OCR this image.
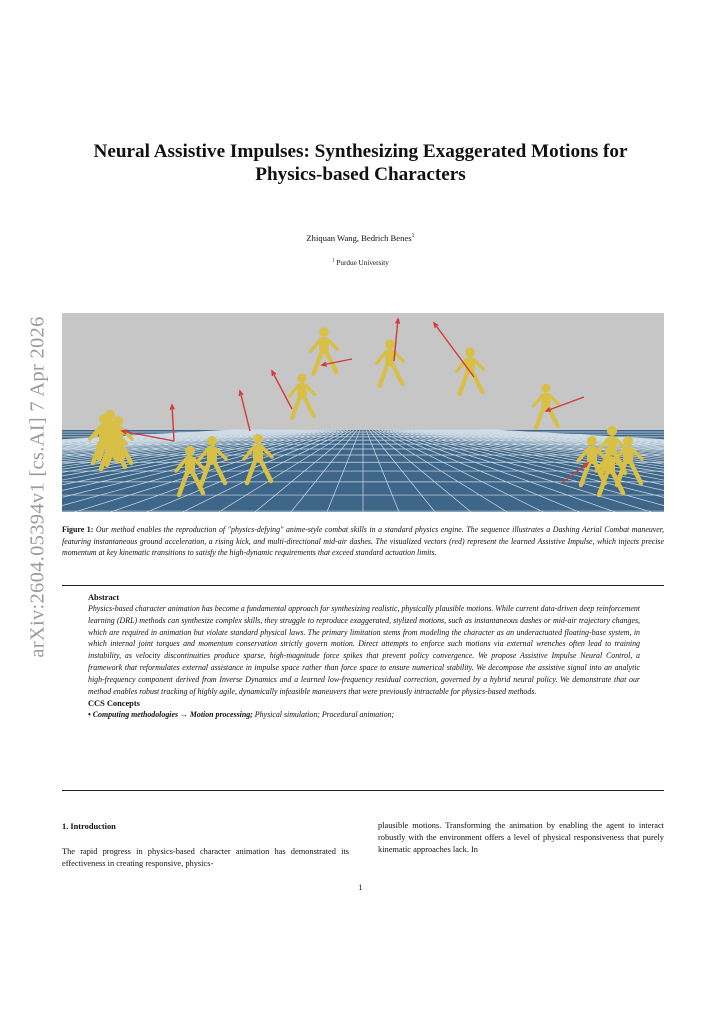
arXiv:2604.05394v1 [cs.AI] 7 Apr 2026
Neural Assistive Impulses: Synthesizing Exaggerated Motions for Physics-based Characters
Zhiquan Wang, Bedrich Benes$^1$
$^1$ Purdue University
Figure 1: Our method enables the reproduction of "physics-defying" anime-style combat skills in a standard physics engine. The sequence illustrates a Dashing Aerial Combat maneuver, featuring instantaneous ground acceleration, a rising kick, and multi-directional mid-air dashes. The visualized vectors (red) represent the learned Assistive Impulse, which injects precise momentum at key kinematic transitions to satisfy the high-dynamic requirements that exceed standard actuation limits.
Abstract
Physics-based character animation has become a fundamental approach for synthesizing realistic, physically plausible motions. While current data-driven deep reinforcement learning (DRL) methods can synthesize complex skills, they struggle to reproduce exaggerated, stylized motions, such as instantaneous dashes or mid-air trajectory changes, which are required in animation but violate standard physical laws. The primary limitation stems from modeling the character as an underactuated floating-base system, in which internal joint torques and momentum conservation strictly govern motion. Direct attempts to enforce such motions via external wrenches often lead to training instability, as velocity discontinuities produce sparse, high-magnitude force spikes that prevent policy convergence. We propose Assistive Impulse Neural Control, a framework that reformulates external assistance in impulse space rather than force space to ensure numerical stability. We decompose the assistive signal into an analytic high-frequency component derived from Inverse Dynamics and a learned low-frequency residual correction, governed by a hybrid neural policy. We demonstrate that our method enables robust tracking of highly agile, dynamically infeasible maneuvers that were previously intractable for physics-based methods.
CCS Concepts
• Computing methodologies → Motion processing; Physical simulation; Procedural animation;
1. Introduction
The rapid progress in physics-based character animation has demonstrated its effectiveness in creating responsive, physics-
plausible motions. Transforming the animation by enabling the agent to interact robustly with the environment offers a level of physical responsiveness that purely kinematic approaches lack. In
1
